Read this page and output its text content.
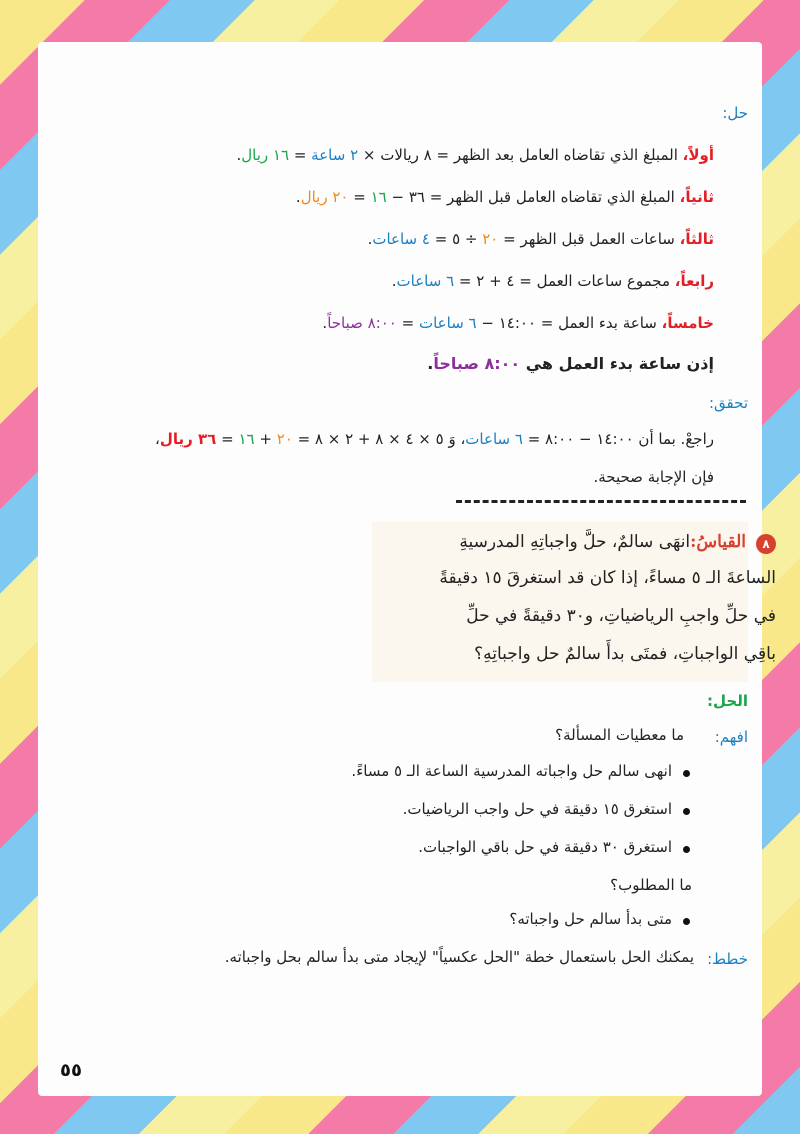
حل:
أولاً، المبلغ الذي تقاضاه العامل بعد الظهر = ٨ ريالات × ٢ ساعة = ١٦ ريال.
ثانياً، المبلغ الذي تقاضاه العامل قبل الظهر = ٣٦ − ١٦ = ٢٠ ريال.
ثالثاً، ساعات العمل قبل الظهر = ٢٠ ÷ ٥ = ٤ ساعات.
رابعاً، مجموع ساعات العمل = ٤ + ٢ = ٦ ساعات.
خامساً، ساعة بدء العمل = ١٤:٠٠ − ٦ ساعات = ٨:٠٠ صباحاً.
إذن ساعة بدء العمل هي ٨:٠٠ صباحاً.
تحقق:
راجعْ. بما أن ١٤:٠٠ − ٨:٠٠ = ٦ ساعات، وَ ٥ × ٤ × ٨ + ٢ × ٨ = ٢٠ + ١٦ = ٣٦ ريال،
فإن الإجابة صحيحة.
٨
القياسُ:انهَى سالمٌ، حلَّ واجباتِهِ المدرسيةِ
الساعةَ الـ ٥ مساءً، إذا كان قد استغرقَ ١٥ دقيقةً
في حلِّ واجبِ الرياضياتِ، و٣٠ دقيقةً في حلِّ
باقِي الواجباتِ، فمتَى بدأَ سالمٌ حل واجباتِهِ؟
الحل:
افهم:
ما معطيات المسألة؟
انهى سالم حل واجباته المدرسية الساعة الـ ٥ مساءً.
استغرق ١٥ دقيقة في حل واجب الرياضيات.
استغرق ٣٠ دقيقة في حل باقي الواجبات.
ما المطلوب؟
متى بدأ سالم حل واجباته؟
خطط:
يمكنك الحل باستعمال خطة "الحل عكسياً" لإيجاد متى بدأ سالم بحل واجباته.
٥٥
